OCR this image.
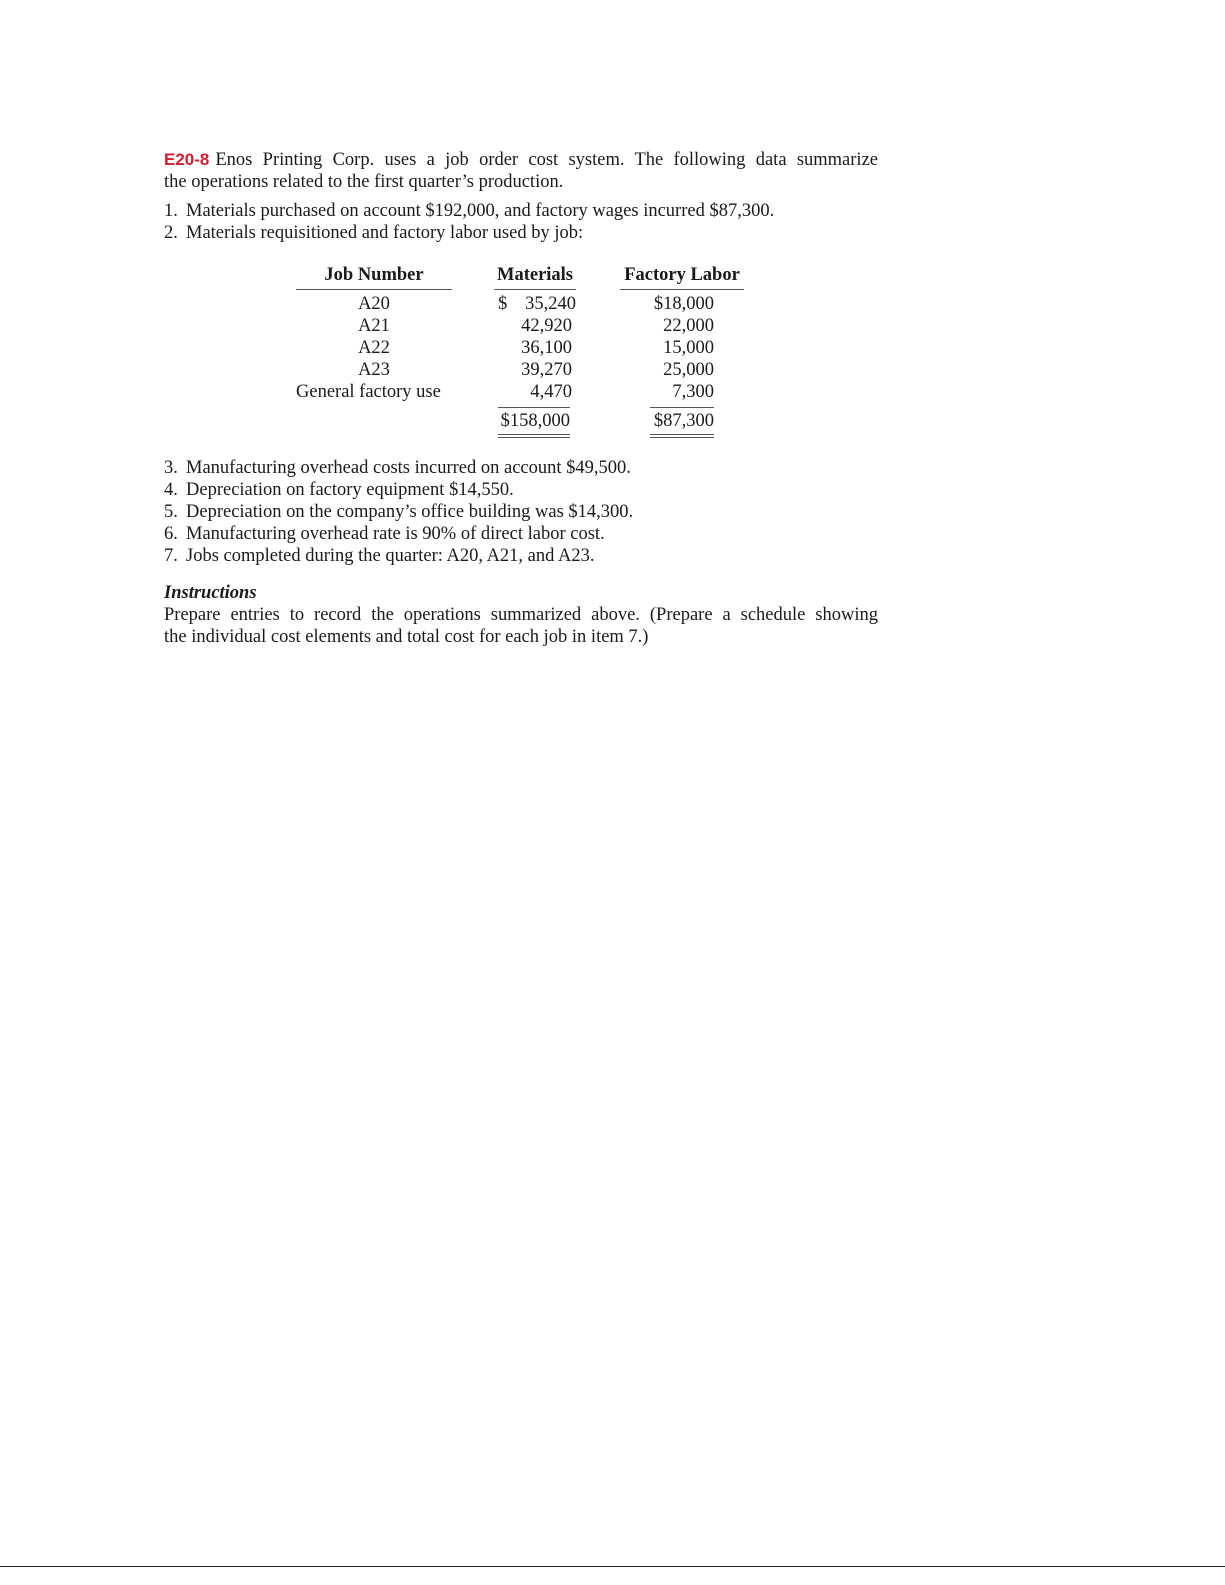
E20-8 Enos Printing Corp. uses a job order cost system. The following data summarize
the operations related to the first quarter’s production.
1. Materials purchased on account $192,000, and factory wages incurred $87,300.
2. Materials requisitioned and factory labor used by job:
Job Number
A20
A21
A22
A23
General factory use
Materials
$ 35,240
42,920
36,100
39,270
4,470
$158,000
Factory Labor
$18,000
22,000
15,000
25,000
7,300
$87,300
3. Manufacturing overhead costs incurred on account $49,500.
4. Depreciation on factory equipment $14,550.
5. Depreciation on the company’s office building was $14,300.
6. Manufacturing overhead rate is 90% of direct labor cost.
7. Jobs completed during the quarter: A20, A21, and A23.
Instructions
Prepare entries to record the operations summarized above. (Prepare a schedule showing
the individual cost elements and total cost for each job in item 7.)
